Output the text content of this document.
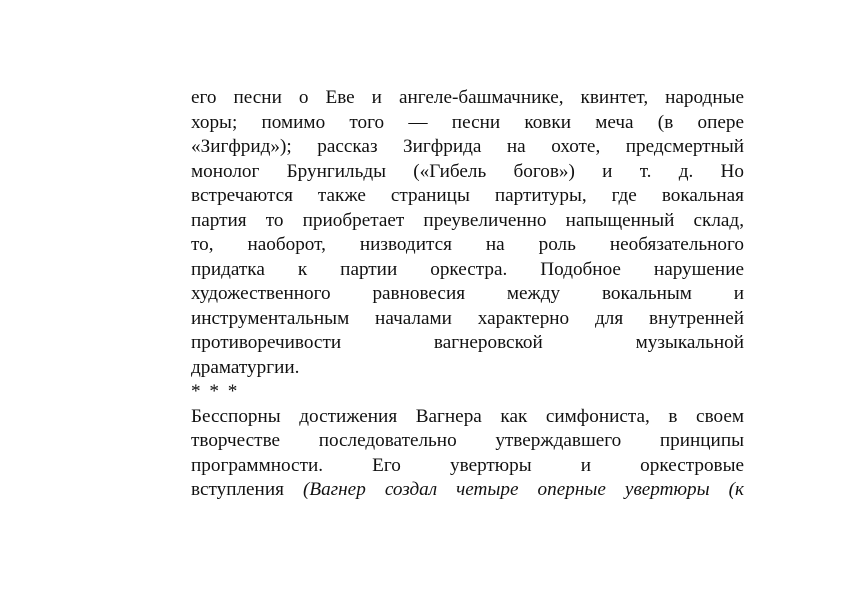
его песни о Еве и ангеле-башмачнике, квинтет, народные
хоры; помимо того — песни ковки меча (в опере
«Зигфрид»); рассказ Зигфрида на охоте, предсмертный
монолог Брунгильды («Гибель богов») и т. д. Но
встречаются также страницы партитуры, где вокальная
партия то приобретает преувеличенно напыщенный склад,
то, наоборот, низводится на роль необязательного
придатка к партии оркестра. Подобное нарушение
художественного равновесия между вокальным и
инструментальным началами характерно для внутренней
противоречивости вагнеровской музыкальной
драматургии.
* * *
Бесспорны достижения Вагнера как симфониста, в своем
творчестве последовательно утверждавшего принципы
программности. Его увертюры и оркестровые
вступления (Вагнер создал четыре оперные увертюры (к
